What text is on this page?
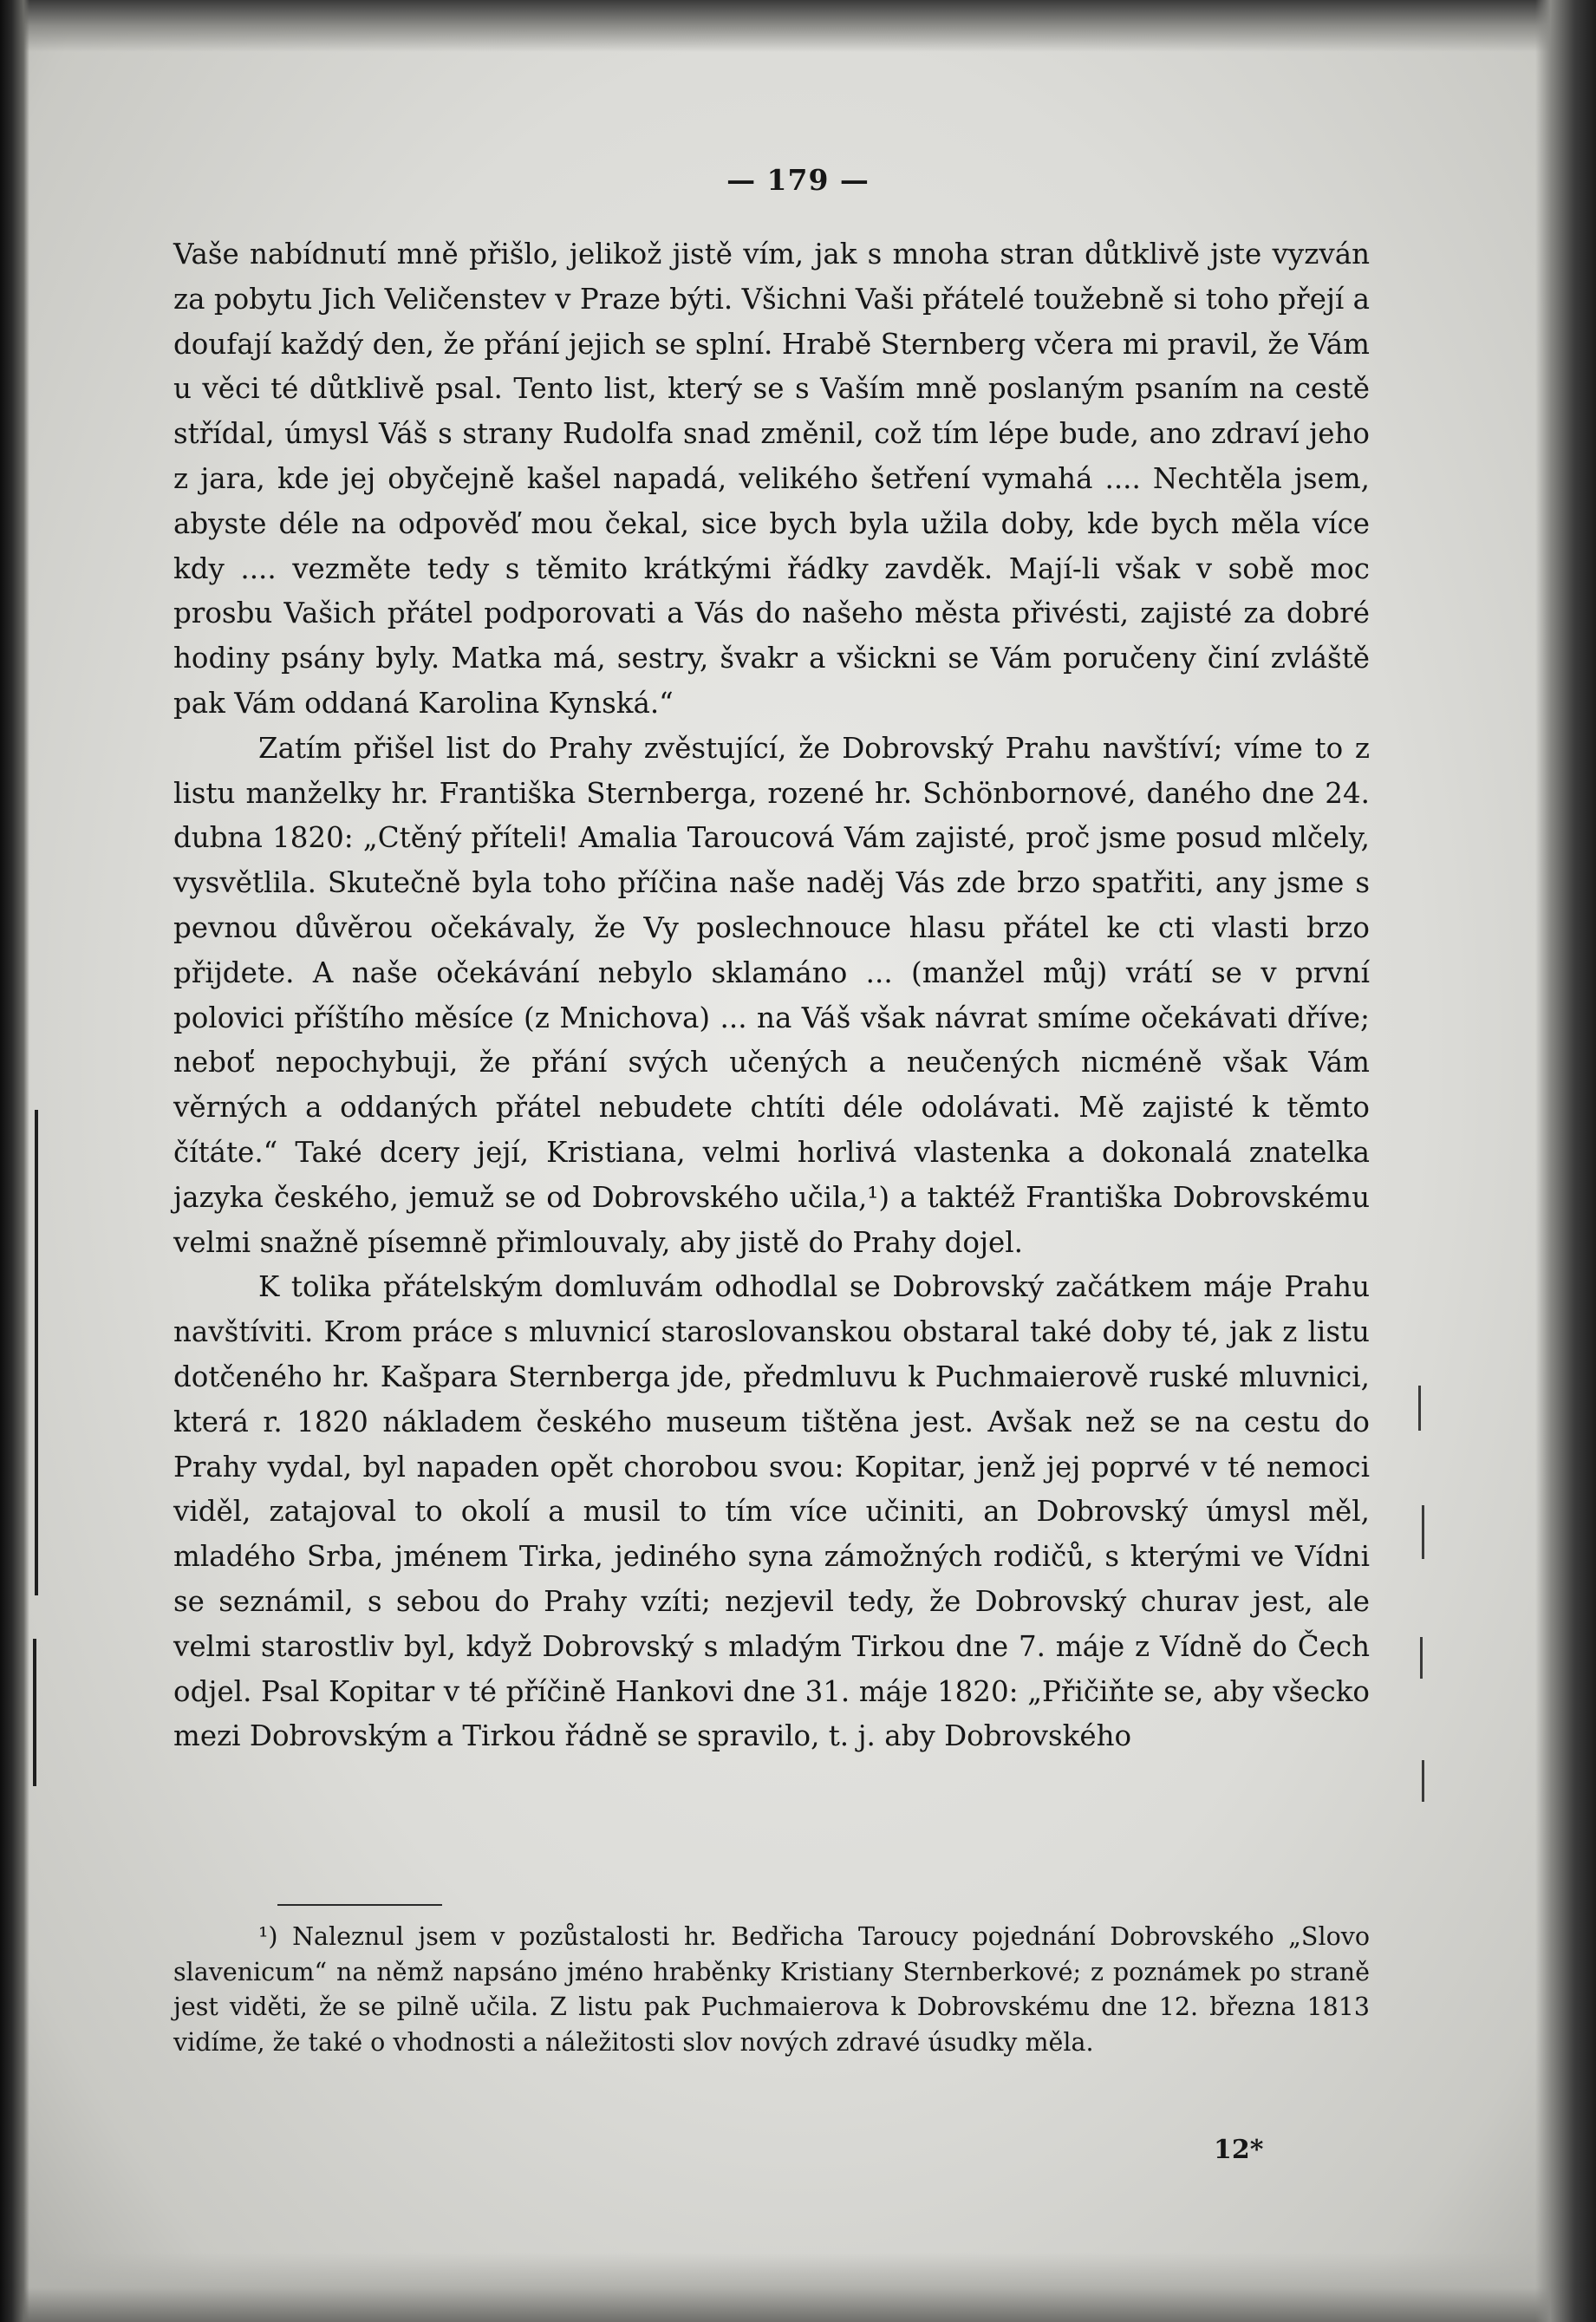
— 179 —

Vaše nabídnutí mně přišlo, jelikož jistě vím, jak s mnoha stran důtklivě jste vyzván za pobytu Jich Veličenstev v Praze býti. Všichni Vaši přátelé toužebně si toho přejí a doufají každý den, že přání jejich se splní. Hrabě Sternberg včera mi pravil, že Vám u věci té důtklivě psal. Tento list, který se s Vaším mně poslaným psaním na cestě střídal, úmysl Váš s strany Rudolfa snad změnil, což tím lépe bude, ano zdraví jeho z jara, kde jej obyčejně kašel napadá, velikého šetření vymahá .... Nechtěla jsem, abyste déle na odpověď mou čekal, sice bych byla užila doby, kde bych měla více kdy .... vezměte tedy s těmito krátkými řádky zavděk. Mají-li však v sobě moc prosbu Vašich přátel podporovati a Vás do našeho města přivésti, zajisté za dobré hodiny psány byly. Matka má, sestry, švakr a všickni se Vám poručeny činí zvláště pak Vám oddaná Karolina Kynská.“

Zatím přišel list do Prahy zvěstující, že Dobrovský Prahu navštíví; víme to z listu manželky hr. Františka Sternberga, rozené hr. Schönbornové, daného dne 24. dubna 1820: „Ctěný příteli! Amalia Taroucová Vám zajisté, proč jsme posud mlčely, vysvětlila. Skutečně byla toho příčina naše naděj Vás zde brzo spatřiti, any jsme s pevnou důvěrou očekávaly, že Vy poslechnouce hlasu přátel ke cti vlasti brzo přijdete. A naše očekávání nebylo sklamáno ... (manžel můj) vrátí se v první polovici příštího měsíce (z Mnichova) ... na Váš však návrat smíme očekávati dříve; neboť nepochybuji, že přání svých učených a neučených nicméně však Vám věrných a oddaných přátel nebudete chtíti déle odolávati. Mě zajisté k těmto čítáte.“ Také dcery její, Kristiana, velmi horlivá vlastenka a dokonalá znatelka jazyka českého, jemuž se od Dobrovského učila,¹) a taktéž Františka Dobrovskému velmi snažně písemně přimlouvaly, aby jistě do Prahy dojel.

K tolika přátelským domluvám odhodlal se Dobrovský začátkem máje Prahu navštíviti. Krom práce s mluvnicí staroslovanskou obstaral také doby té, jak z listu dotčeného hr. Kašpara Sternberga jde, předmluvu k Puchmaierově ruské mluvnici, která r. 1820 nákladem českého museum tištěna jest. Avšak než se na cestu do Prahy vydal, byl napaden opět chorobou svou: Kopitar, jenž jej poprvé v té nemoci viděl, zatajoval to okolí a musil to tím více učiniti, an Dobrovský úmysl měl, mladého Srba, jménem Tirka, jediného syna zámožných rodičů, s kterými ve Vídni se seznámil, s sebou do Prahy vzíti; nezjevil tedy, že Dobrovský churav jest, ale velmi starostliv byl, když Dobrovský s mladým Tirkou dne 7. máje z Vídně do Čech odjel. Psal Kopitar v té příčině Hankovi dne 31. máje 1820: „Přičiňte se, aby všecko mezi Dobrovským a Tirkou řádně se spravilo, t. j. aby Dobrovského

¹) Naleznul jsem v pozůstalosti hr. Bedřicha Taroucy pojednání Dobrovského „Slovo slavenicum“ na němž napsáno jméno hraběnky Kristiany Sternberkové; z poznámek po straně jest viděti, že se pilně učila. Z listu pak Puchmaierova k Dobrovskému dne 12. března 1813 vidíme, že také o vhodnosti a náležitosti slov nových zdravé úsudky měla.

12*
